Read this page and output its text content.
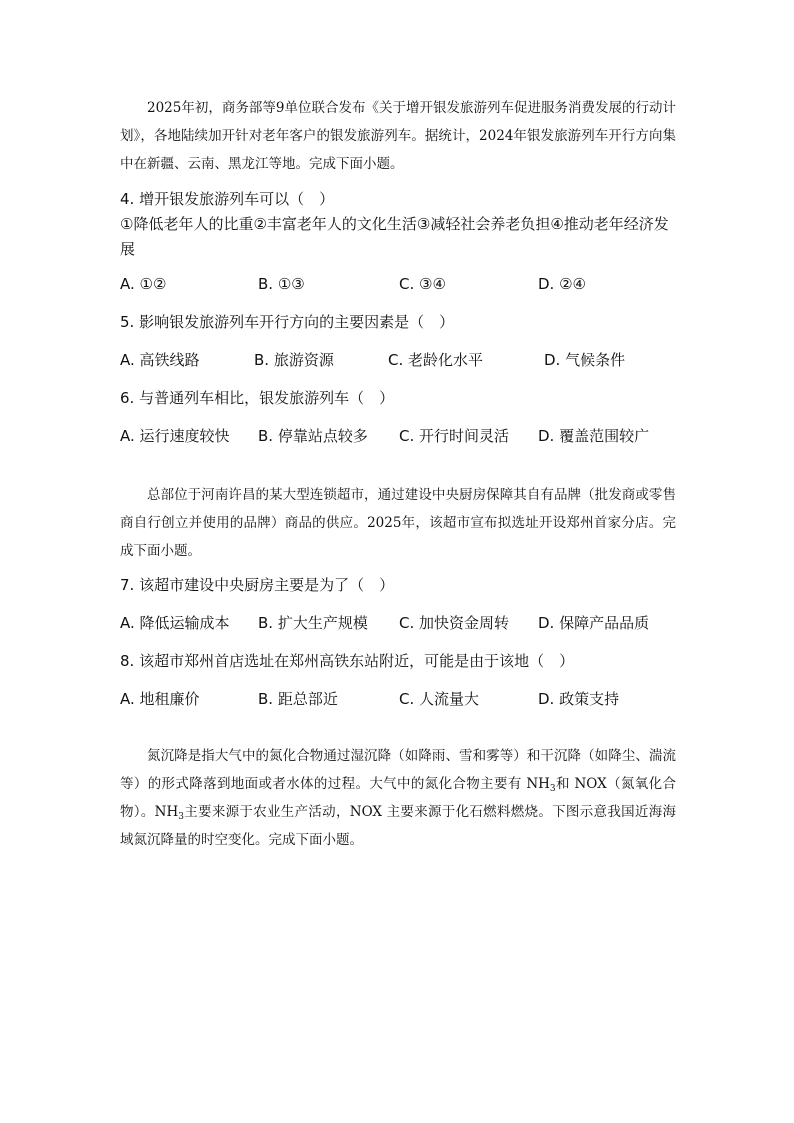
2025年初，商务部等9单位联合发布《关于增开银发旅游列车促进服务消费发展的行动计划》，各地陆续加开针对老年客户的银发旅游列车。据统计，2024年银发旅游列车开行方向集中在新疆、云南、黑龙江等地。完成下面小题。

4. 增开银发旅游列车可以（　）

①降低老年人的比重②丰富老年人的文化生活③减轻社会养老负担④推动老年经济发展

A. ①②	B. ①③	C. ③④	D. ②④

5. 影响银发旅游列车开行方向的主要因素是（　）

A. 高铁线路	B. 旅游资源	C. 老龄化水平	D. 气候条件

6. 与普通列车相比，银发旅游列车（　）

A. 运行速度较快 B. 停靠站点较多 C. 开行时间灵活 D. 覆盖范围较广

总部位于河南许昌的某大型连锁超市，通过建设中央厨房保障其自有品牌（批发商或零售商自行创立并使用的品牌）商品的供应。2025年，该超市宣布拟选址开设郑州首家分店。完成下面小题。

7. 该超市建设中央厨房主要是为了（　）

A. 降低运输成本 B. 扩大生产规模 C. 加快资金周转 D. 保障产品品质

8. 该超市郑州首店选址在郑州高铁东站附近，可能是由于该地（　）

A. 地租廉价	B. 距总部近	C. 人流量大	D. 政策支持

氮沉降是指大气中的氮化合物通过湿沉降（如降雨、雪和雾等）和干沉降（如降尘、湍流等）的形式降落到地面或者水体的过程。大气中的氮化合物主要有 $NH_3$和 NOX（氮氧化合物）。$NH_3$主要来源于农业生产活动，NOX 主要来源于化石燃料燃烧。下图示意我国近海海域氮沉降量的时空变化。完成下面小题。
